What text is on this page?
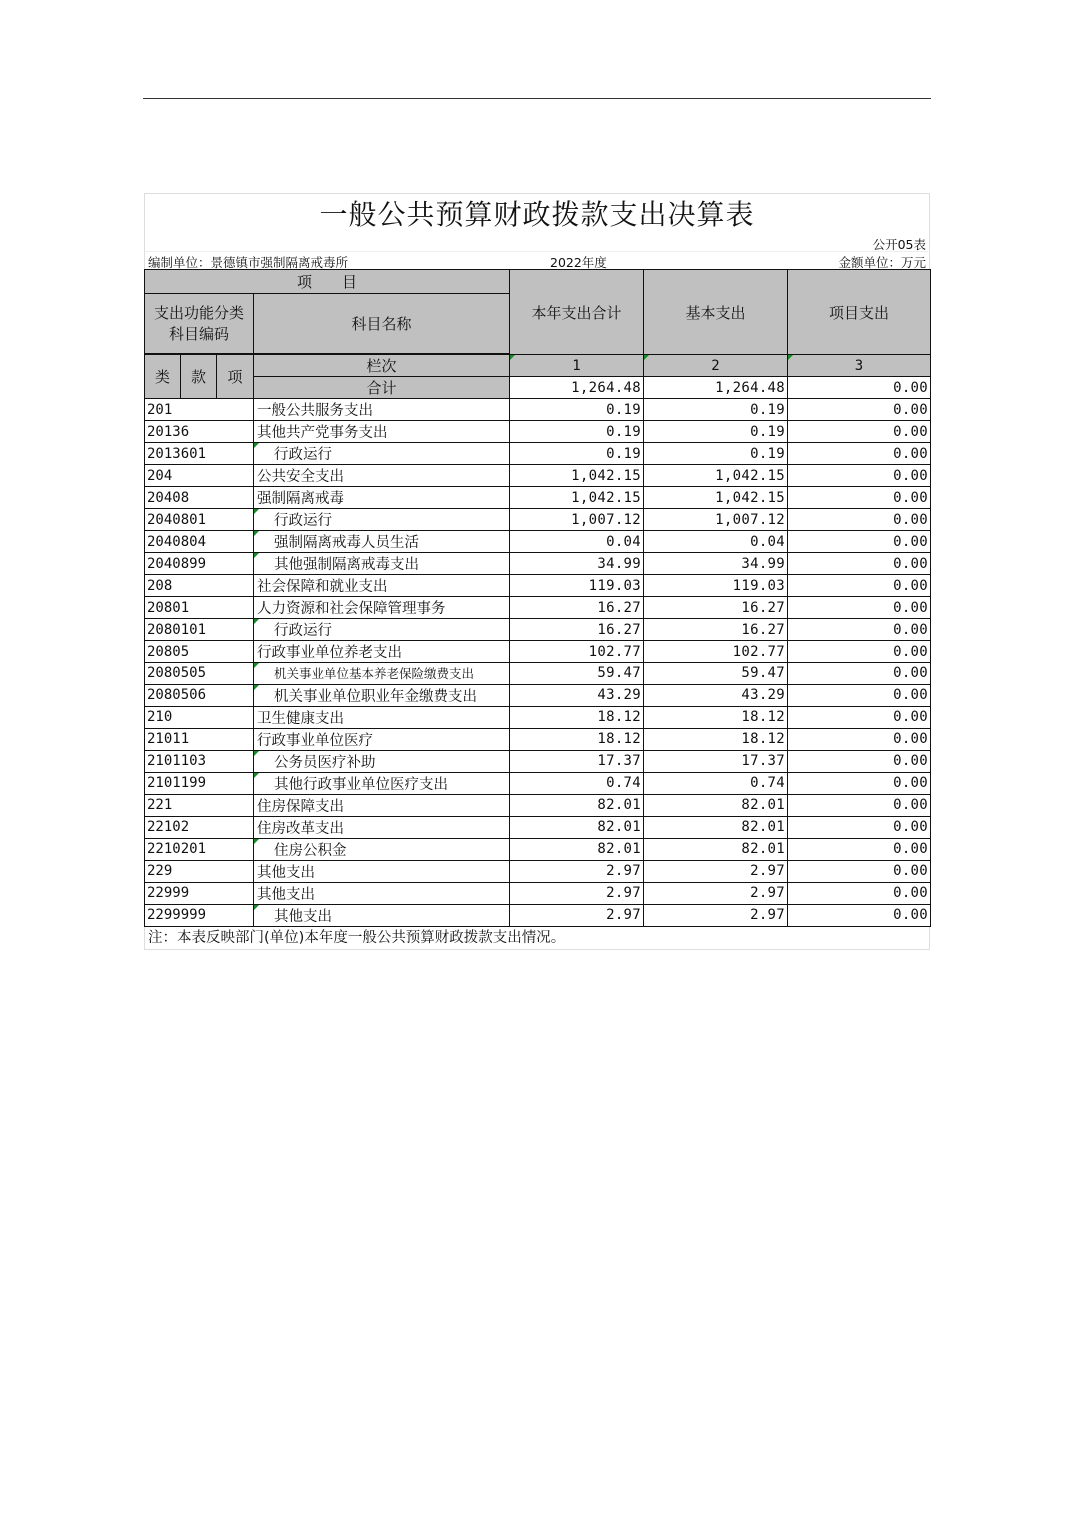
一般公共预算财政拨款支出决算表
公开05表
编制单位：景德镇市强制隔离戒毒所	2022年度	金额单位：万元
项　　目				本年支出合计	基本支出	项目支出
支出功能分类
科目编码			科目名称			

类	款	项	栏次	1	2	3
			合计	1,264.48	1,264.48	0.00
201			一般公共服务支出	0.19	0.19	0.00
20136			其他共产党事务支出	0.19	0.19	0.00
2013601			行政运行	0.19	0.19	0.00
204			公共安全支出	1,042.15	1,042.15	0.00
20408			强制隔离戒毒	1,042.15	1,042.15	0.00
2040801			行政运行	1,007.12	1,007.12	0.00
2040804			强制隔离戒毒人员生活	0.04	0.04	0.00
2040899			其他强制隔离戒毒支出	34.99	34.99	0.00
208			社会保障和就业支出	119.03	119.03	0.00
20801			人力资源和社会保障管理事务	16.27	16.27	0.00
2080101			行政运行	16.27	16.27	0.00
20805			行政事业单位养老支出	102.77	102.77	0.00
2080505			机关事业单位基本养老保险缴费支出	59.47	59.47	0.00
2080506			机关事业单位职业年金缴费支出	43.29	43.29	0.00
210			卫生健康支出	18.12	18.12	0.00
21011			行政事业单位医疗	18.12	18.12	0.00
2101103			公务员医疗补助	17.37	17.37	0.00
2101199			其他行政事业单位医疗支出	0.74	0.74	0.00
221			住房保障支出	82.01	82.01	0.00
22102			住房改革支出	82.01	82.01	0.00
2210201			住房公积金	82.01	82.01	0.00
229			其他支出	2.97	2.97	0.00
22999			其他支出	2.97	2.97	0.00
2299999			其他支出	2.97	2.97	0.00
注：本表反映部门(单位)本年度一般公共预算财政拨款支出情况。
